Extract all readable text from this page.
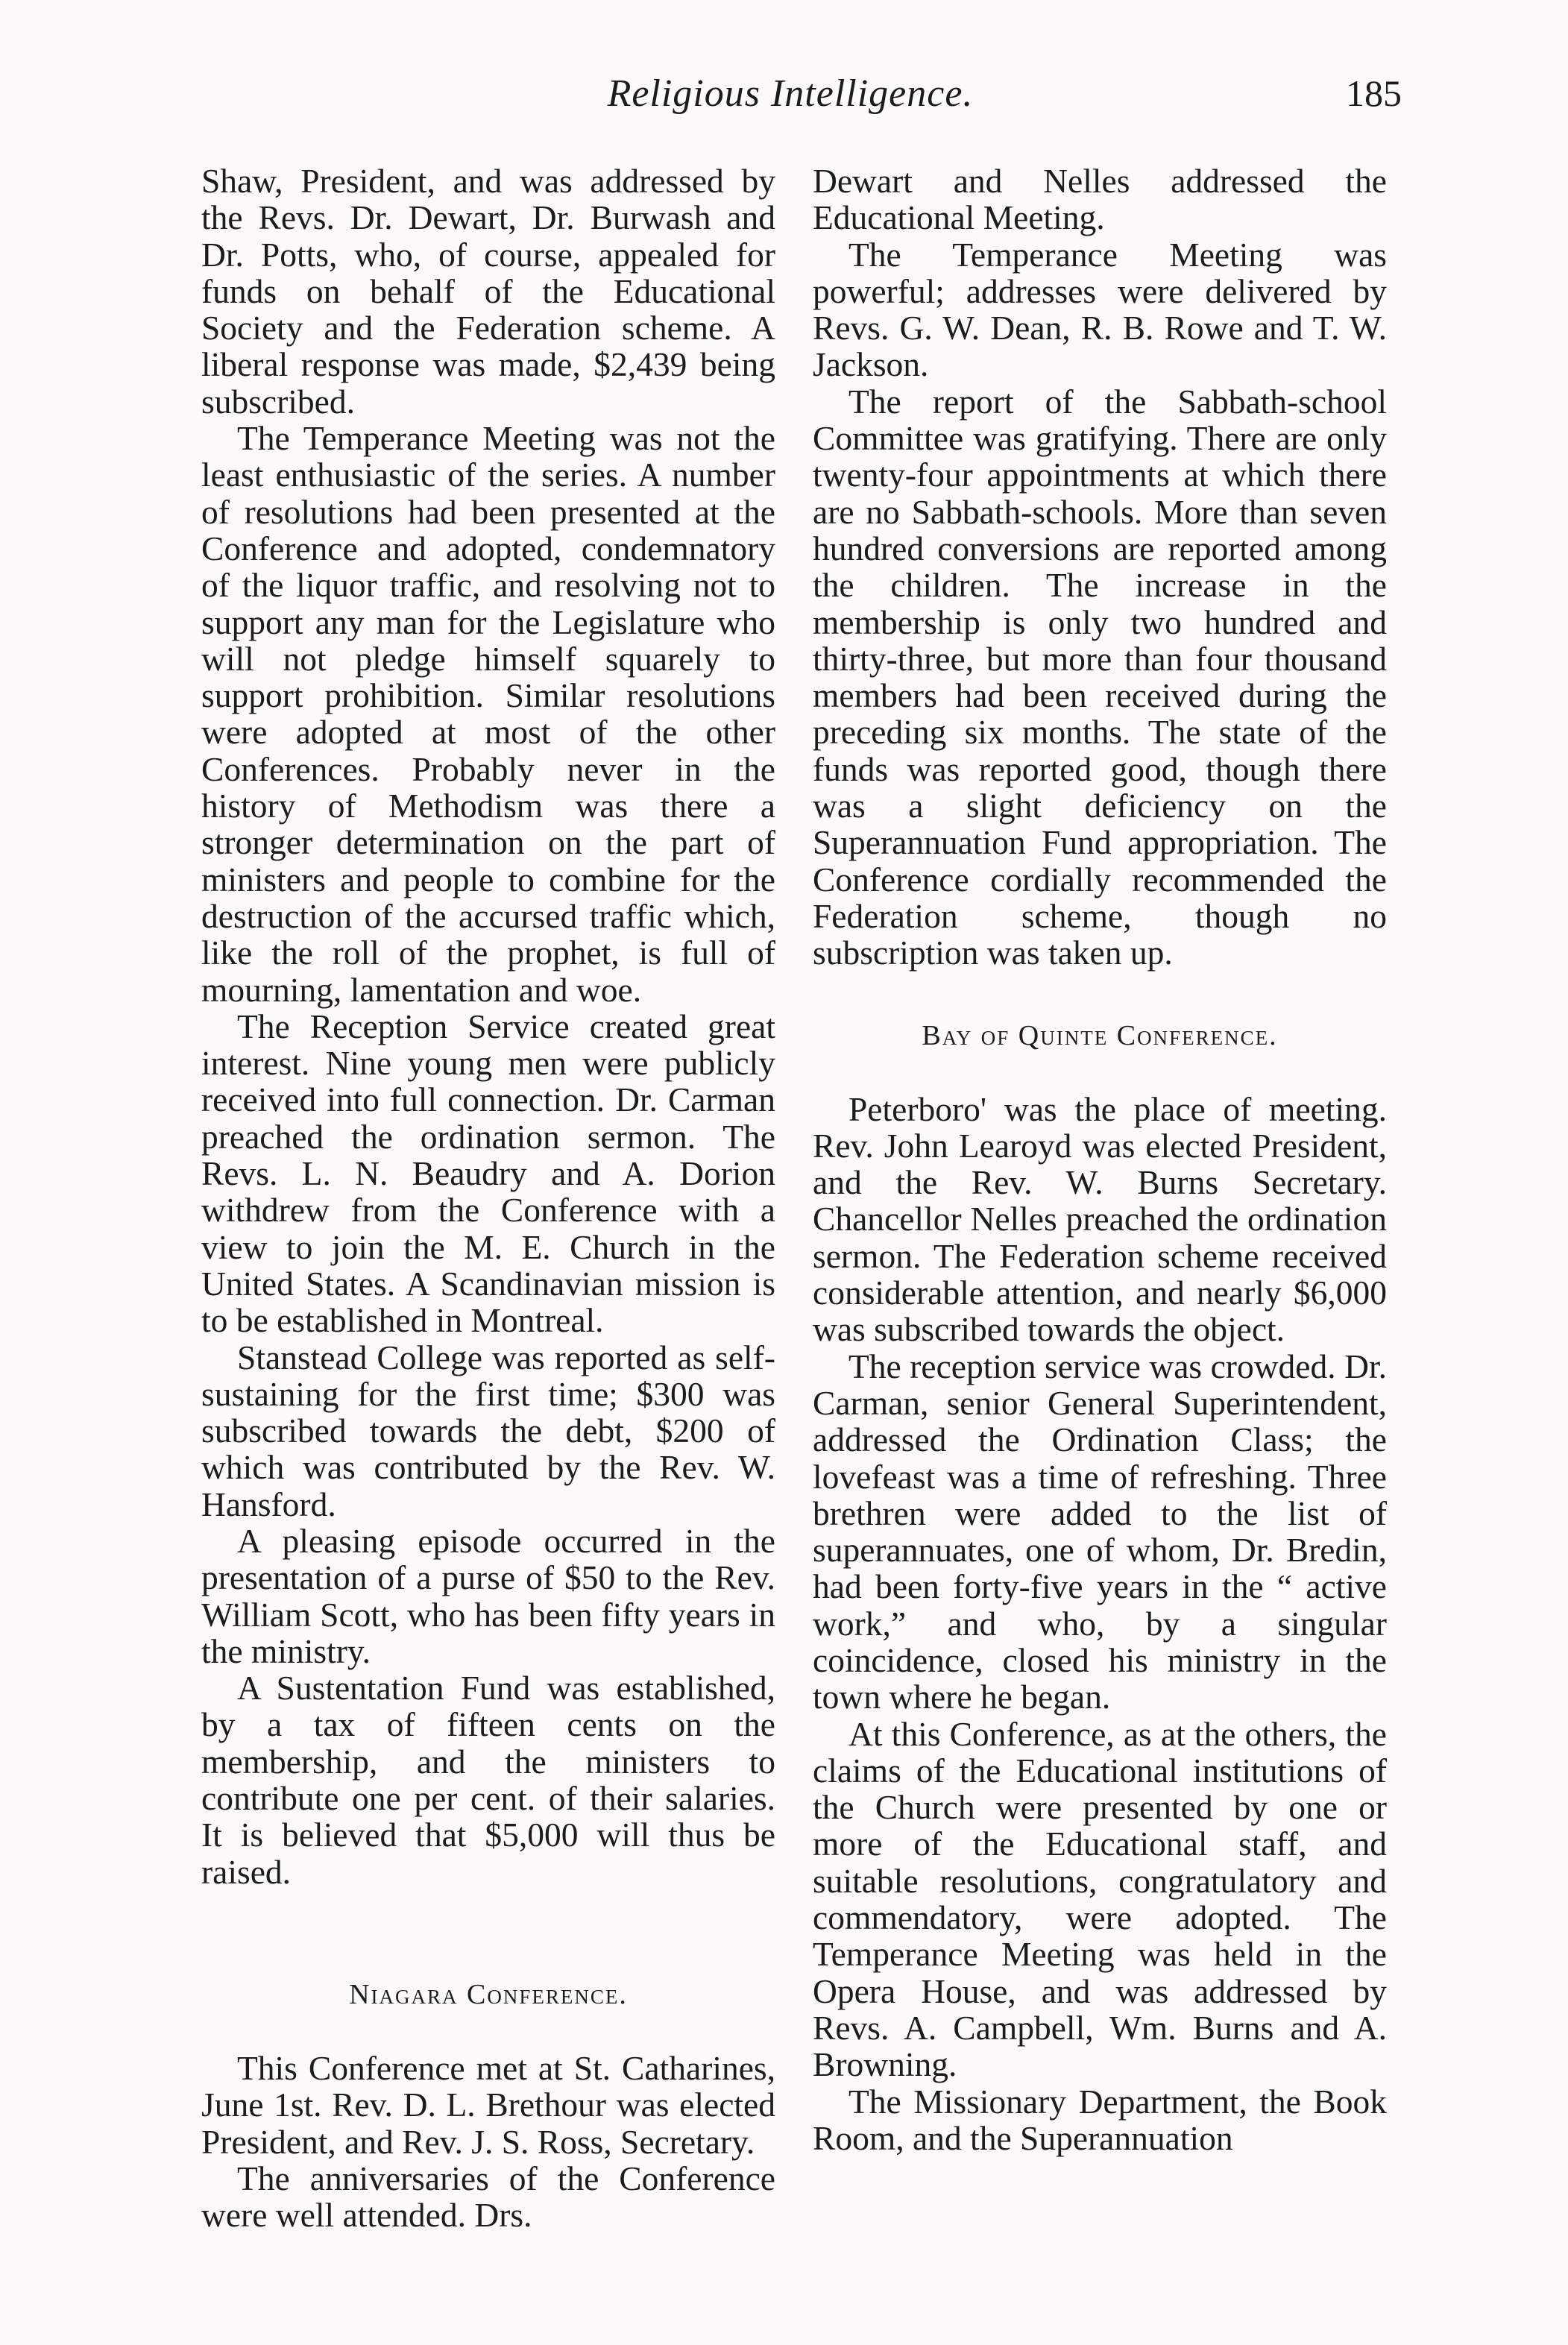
Religious Intelligence.	185

Shaw, President, and was addressed by the Revs. Dr. Dewart, Dr. Burwash and Dr. Potts, who, of course, appealed for funds on behalf of the Educational Society and the Federation scheme. A liberal response was made, $2,439 being subscribed.

The Temperance Meeting was not the least enthusiastic of the series. A number of resolutions had been presented at the Conference and adopted, condemnatory of the liquor traffic, and resolving not to support any man for the Legislature who will not pledge himself squarely to support prohibition. Similar resolutions were adopted at most of the other Conferences. Probably never in the history of Methodism was there a stronger determination on the part of ministers and people to combine for the destruction of the accursed traffic which, like the roll of the prophet, is full of mourning, lamentation and woe.

The Reception Service created great interest. Nine young men were publicly received into full connection. Dr. Carman preached the ordination sermon. The Revs. L. N. Beaudry and A. Dorion withdrew from the Conference with a view to join the M. E. Church in the United States. A Scandinavian mission is to be established in Montreal.

Stanstead College was reported as self-sustaining for the first time; $300 was subscribed towards the debt, $200 of which was contributed by the Rev. W. Hansford.

A pleasing episode occurred in the presentation of a purse of $50 to the Rev. William Scott, who has been fifty years in the ministry.

A Sustentation Fund was established, by a tax of fifteen cents on the membership, and the ministers to contribute one per cent. of their salaries. It is believed that $5,000 will thus be raised.

Niagara Conference.

This Conference met at St. Catharines, June 1st. Rev. D. L. Brethour was elected President, and Rev. J. S. Ross, Secretary.

The anniversaries of the Conference were well attended. Drs.

Dewart and Nelles addressed the Educational Meeting.

The Temperance Meeting was powerful; addresses were delivered by Revs. G. W. Dean, R. B. Rowe and T. W. Jackson.

The report of the Sabbath-school Committee was gratifying. There are only twenty-four appointments at which there are no Sabbath-schools. More than seven hundred conversions are reported among the children. The increase in the membership is only two hundred and thirty-three, but more than four thousand members had been received during the preceding six months. The state of the funds was reported good, though there was a slight deficiency on the Superannuation Fund appropriation. The Conference cordially recommended the Federation scheme, though no subscription was taken up.

Bay of Quinte Conference.

Peterboro' was the place of meeting. Rev. John Learoyd was elected President, and the Rev. W. Burns Secretary. Chancellor Nelles preached the ordination sermon. The Federation scheme received considerable attention, and nearly $6,000 was subscribed towards the object.

The reception service was crowded. Dr. Carman, senior General Superintendent, addressed the Ordination Class; the lovefeast was a time of refreshing. Three brethren were added to the list of superannuates, one of whom, Dr. Bredin, had been forty-five years in the “ active work,” and who, by a singular coincidence, closed his ministry in the town where he began.

At this Conference, as at the others, the claims of the Educational institutions of the Church were presented by one or more of the Educational staff, and suitable resolutions, congratulatory and commendatory, were adopted. The Temperance Meeting was held in the Opera House, and was addressed by Revs. A. Campbell, Wm. Burns and A. Browning.

The Missionary Department, the Book Room, and the Superannuation
